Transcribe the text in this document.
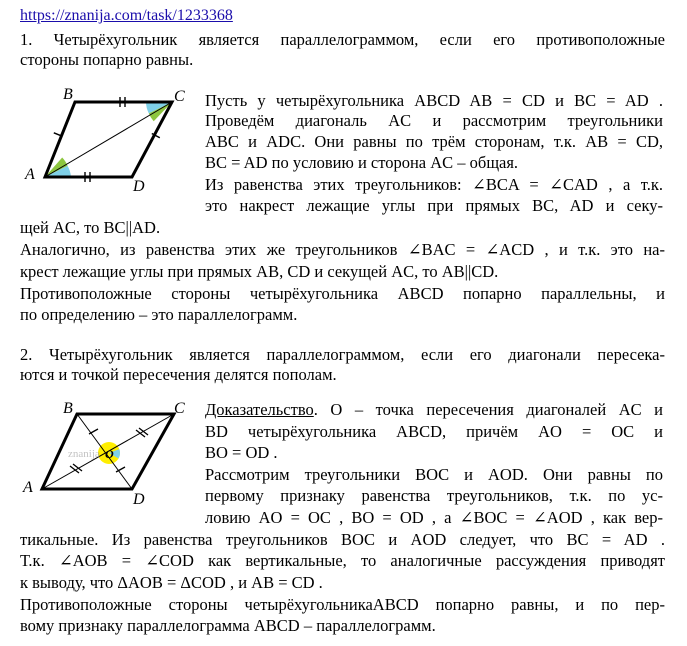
https://znanija.com/task/1233368
1. Четырёхугольник является параллелограммом, если его противоположные
стороны попарно равны.
A
B	C
D
Пусть у четырёхугольника ABCD AB = CD и BC = AD .
Проведём диагональ AC и рассмотрим треугольники
ABC и ADC. Они равны по трём сторонам, т.к. AB = CD,
BC = AD по условию и сторона AC – общая.
Из равенства этих треугольников: ∠BCA = ∠CAD , а т.к.
это накрест лежащие углы при прямых BC, AD и секу-
щей AC, то BC||AD.
Аналогично, из равенства этих же треугольников ∠BAC = ∠ACD , и т.к. это на-
крест лежащие углы при прямых AB, CD и секущей AC, то AB||CD.
Противоположные стороны четырёхугольника ABCD попарно параллельны, и
по определению – это параллелограмм.
2. Четырёхугольник является параллелограммом, если его диагонали пересека-
ются и точкой пересечения делятся пополам.
A
B	C
D
O
znanija
Доказательство. O – точка пересечения диагоналей AC и
BD четырёхугольника ABCD, причём AO = OC и
BO = OD .
Рассмотрим треугольники BOC и AOD. Они равны по
первому признаку равенства треугольников, т.к. по ус-
ловию AO = OC , BO = OD , а ∠BOC = ∠AOD , как вер-
тикальные. Из равенства треугольников BOC и AOD следует, что BC = AD .
Т.к. ∠AOB = ∠COD как вертикальные, то аналогичные рассуждения приводят
к выводу, что ΔAOB = ΔCOD , и AB = CD .
Противоположные стороны четырёхугольникаABCD попарно равны, и по пер-
вому признаку параллелограмма ABCD – параллелограмм.
